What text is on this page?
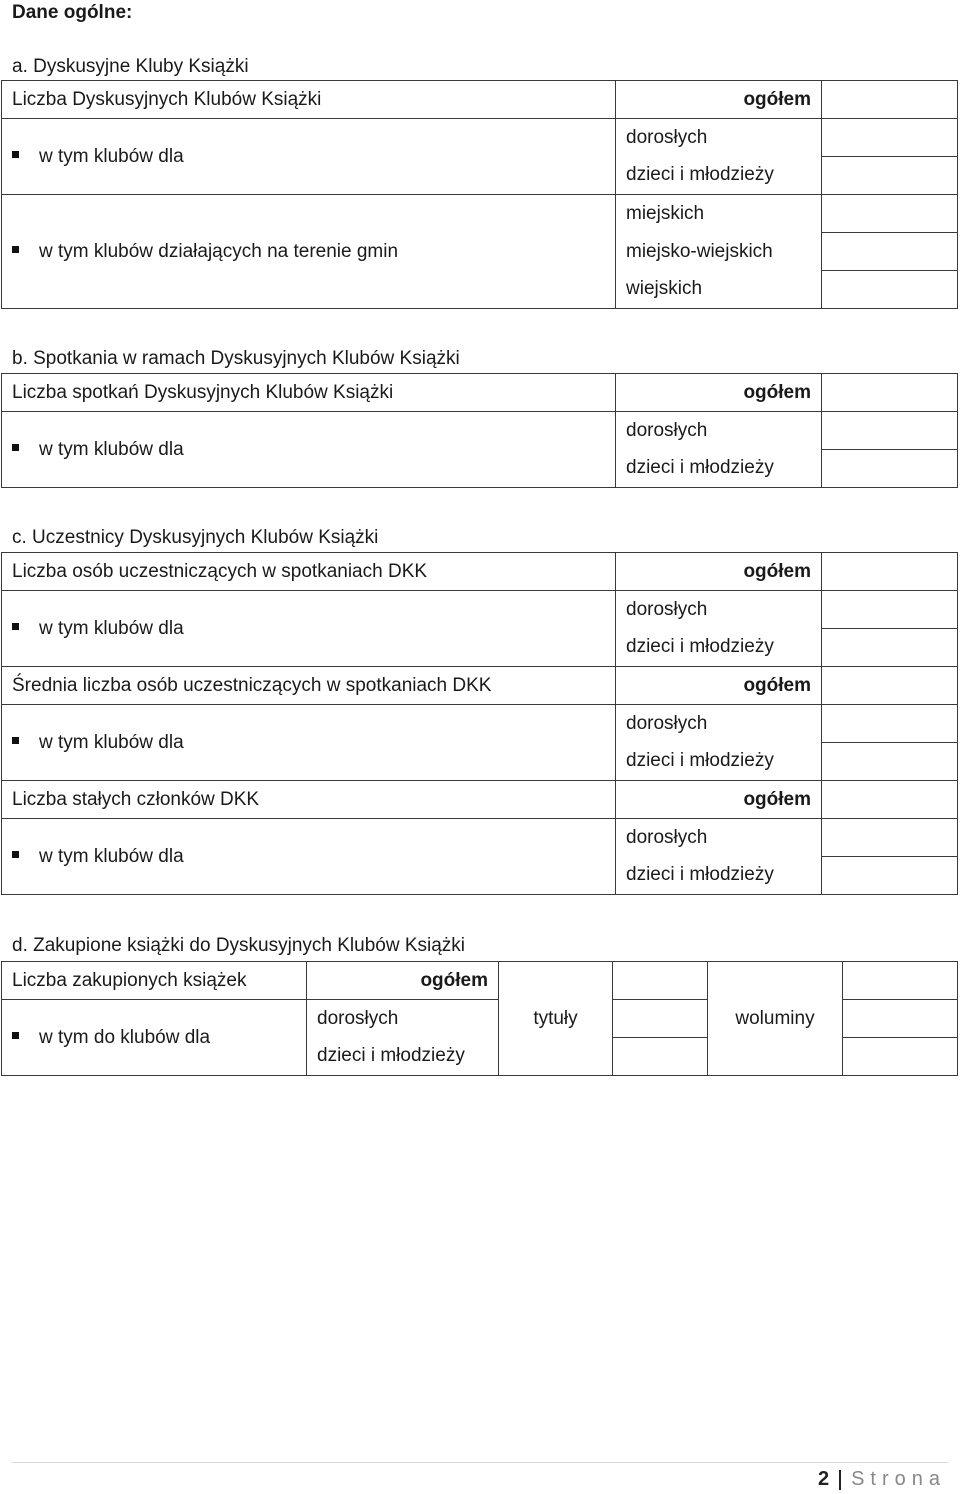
Dane ogólne:
a. Dyskusyjne Kluby Książki
Liczba Dyskusyjnych Klubów Książki	ogółem	
w tym klubów dla	dorosłych	
	dzieci i młodzieży	
w tym klubów działających na terenie gmin	miejskich	
	miejsko-wiejskich	
	wiejskich	
b. Spotkania w ramach Dyskusyjnych Klubów Książki
Liczba spotkań Dyskusyjnych Klubów Książki	ogółem	
w tym klubów dla	dorosłych	
	dzieci i młodzieży	
c. Uczestnicy Dyskusyjnych Klubów Książki
Liczba osób uczestniczących w spotkaniach DKK	ogółem	
w tym klubów dla	dorosłych	
	dzieci i młodzieży	
Średnia liczba osób uczestniczących w spotkaniach DKK	ogółem	
w tym klubów dla	dorosłych	
	dzieci i młodzieży	
Liczba stałych członków DKK	ogółem	
w tym klubów dla	dorosłych	
	dzieci i młodzieży	
d. Zakupione książki do Dyskusyjnych Klubów Książki
Liczba zakupionych książek	ogółem	tytuły		woluminy	
w tym do klubów dla	dorosłych				
	dzieci i młodzieży				
2 Strona
